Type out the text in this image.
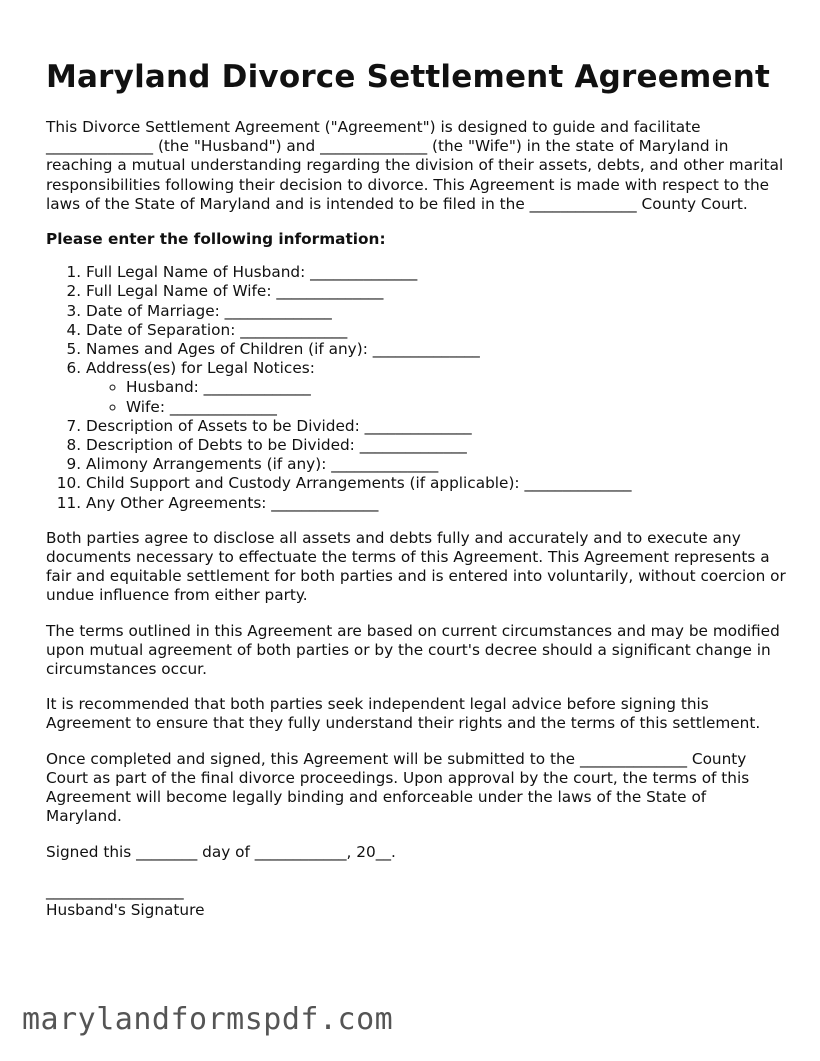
Maryland Divorce Settlement Agreement

This Divorce Settlement Agreement ("Agreement") is designed to guide and facilitate ______________ (the "Husband") and ______________ (the "Wife") in the state of Maryland in reaching a mutual understanding regarding the division of their assets, debts, and other marital responsibilities following their decision to divorce. This Agreement is made with respect to the laws of the State of Maryland and is intended to be filed in the ______________ County Court.

Please enter the following information:

1. Full Legal Name of Husband: ______________
2. Full Legal Name of Wife: ______________
3. Date of Marriage: ______________
4. Date of Separation: ______________
5. Names and Ages of Children (if any): ______________
6. Address(es) for Legal Notices:
◦ Husband: ______________
◦ Wife: ______________
7. Description of Assets to be Divided: ______________
8. Description of Debts to be Divided: ______________
9. Alimony Arrangements (if any): ______________
10. Child Support and Custody Arrangements (if applicable): ______________
11. Any Other Agreements: ______________

Both parties agree to disclose all assets and debts fully and accurately and to execute any documents necessary to effectuate the terms of this Agreement. This Agreement represents a fair and equitable settlement for both parties and is entered into voluntarily, without coercion or undue influence from either party.

The terms outlined in this Agreement are based on current circumstances and may be modified upon mutual agreement of both parties or by the court's decree should a significant change in circumstances occur.

It is recommended that both parties seek independent legal advice before signing this Agreement to ensure that they fully understand their rights and the terms of this settlement.

Once completed and signed, this Agreement will be submitted to the ______________ County Court as part of the final divorce proceedings. Upon approval by the court, the terms of this Agreement will become legally binding and enforceable under the laws of the State of Maryland.

Signed this ________ day of ____________, 20__.

__________________
Husband's Signature
marylandformspdf.com
